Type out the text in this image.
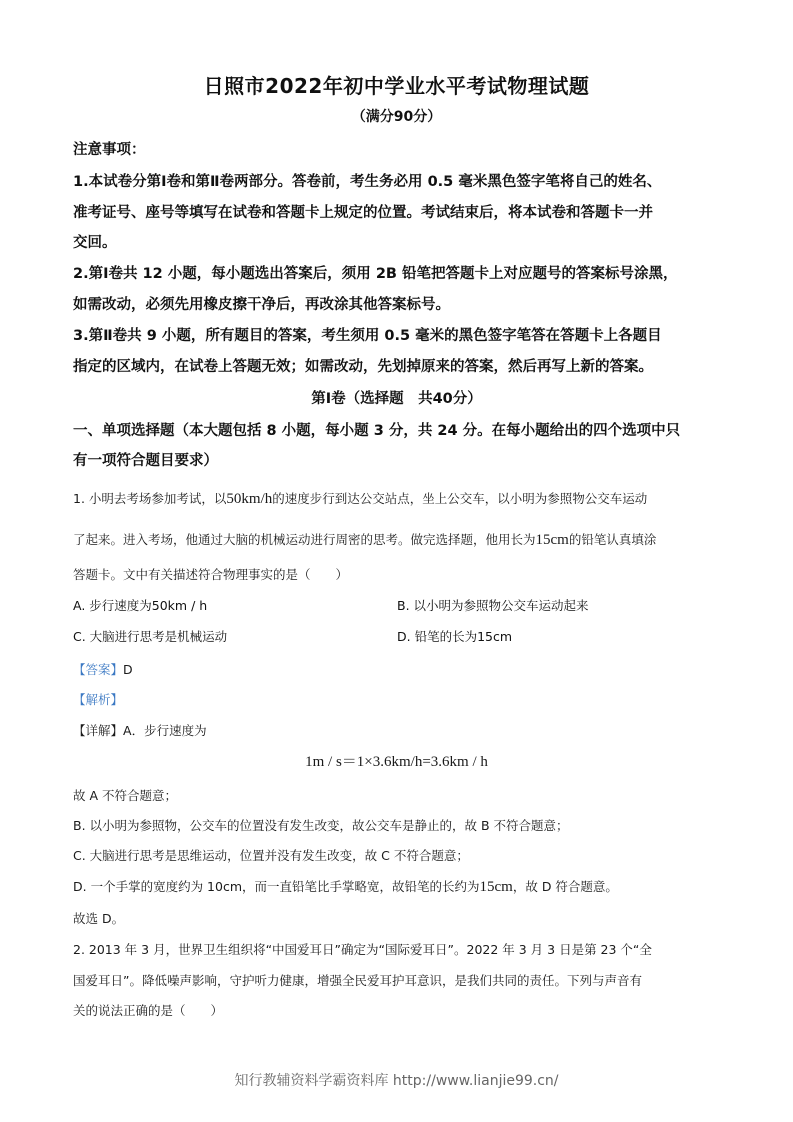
日照市2022年初中学业水平考试物理试题
（满分90分）
注意事项：
1.本试卷分第Ⅰ卷和第Ⅱ卷两部分。答卷前，考生务必用 0.5 毫米黑色签字笔将自己的姓名、
准考证号、座号等填写在试卷和答题卡上规定的位置。考试结束后，将本试卷和答题卡一并
交回。
2.第Ⅰ卷共 12 小题，每小题选出答案后，须用 2B 铅笔把答题卡上对应题号的答案标号涂黑，
如需改动，必须先用橡皮擦干净后，再改涂其他答案标号。
3.第Ⅱ卷共 9 小题，所有题目的答案，考生须用 0.5 毫米的黑色签字笔答在答题卡上各题目
指定的区域内，在试卷上答题无效；如需改动，先划掉原来的答案，然后再写上新的答案。
第Ⅰ卷（选择题　共40分）
一、单项选择题（本大题包括 8 小题，每小题 3 分，共 24 分。在每小题给出的四个选项中只
有一项符合题目要求）
1. 小明去考场参加考试，以50km/h的速度步行到达公交站点，坐上公交车，以小明为参照物公交车运动
了起来。进入考场，他通过大脑的机械运动进行周密的思考。做完选择题，他用长为15cm的铅笔认真填涂
答题卡。文中有关描述符合物理事实的是（　　）
A. 步行速度为50km / h	B. 以小明为参照物公交车运动起来
C. 大脑进行思考是机械运动	D. 铅笔的长为15cm
【答案】D
【解析】
【详解】A．步行速度为
1m / s＝1×3.6km/h=3.6km / h
故 A 不符合题意；
B. 以小明为参照物，公交车的位置没有发生改变，故公交车是静止的，故 B 不符合题意；
C. 大脑进行思考是思维运动，位置并没有发生改变，故 C 不符合题意；
D. 一个手掌的宽度约为 10cm，而一直铅笔比手掌略宽，故铅笔的长约为15cm，故 D 符合题意。
故选 D。
2. 2013 年 3 月，世界卫生组织将“中国爱耳日”确定为“国际爱耳日”。2022 年 3 月 3 日是第 23 个“全
国爱耳日”。降低噪声影响，守护听力健康，增强全民爱耳护耳意识，是我们共同的责任。下列与声音有
关的说法正确的是（　　）
知行教辅资料学霸资料库 http://www.lianjie99.cn/
